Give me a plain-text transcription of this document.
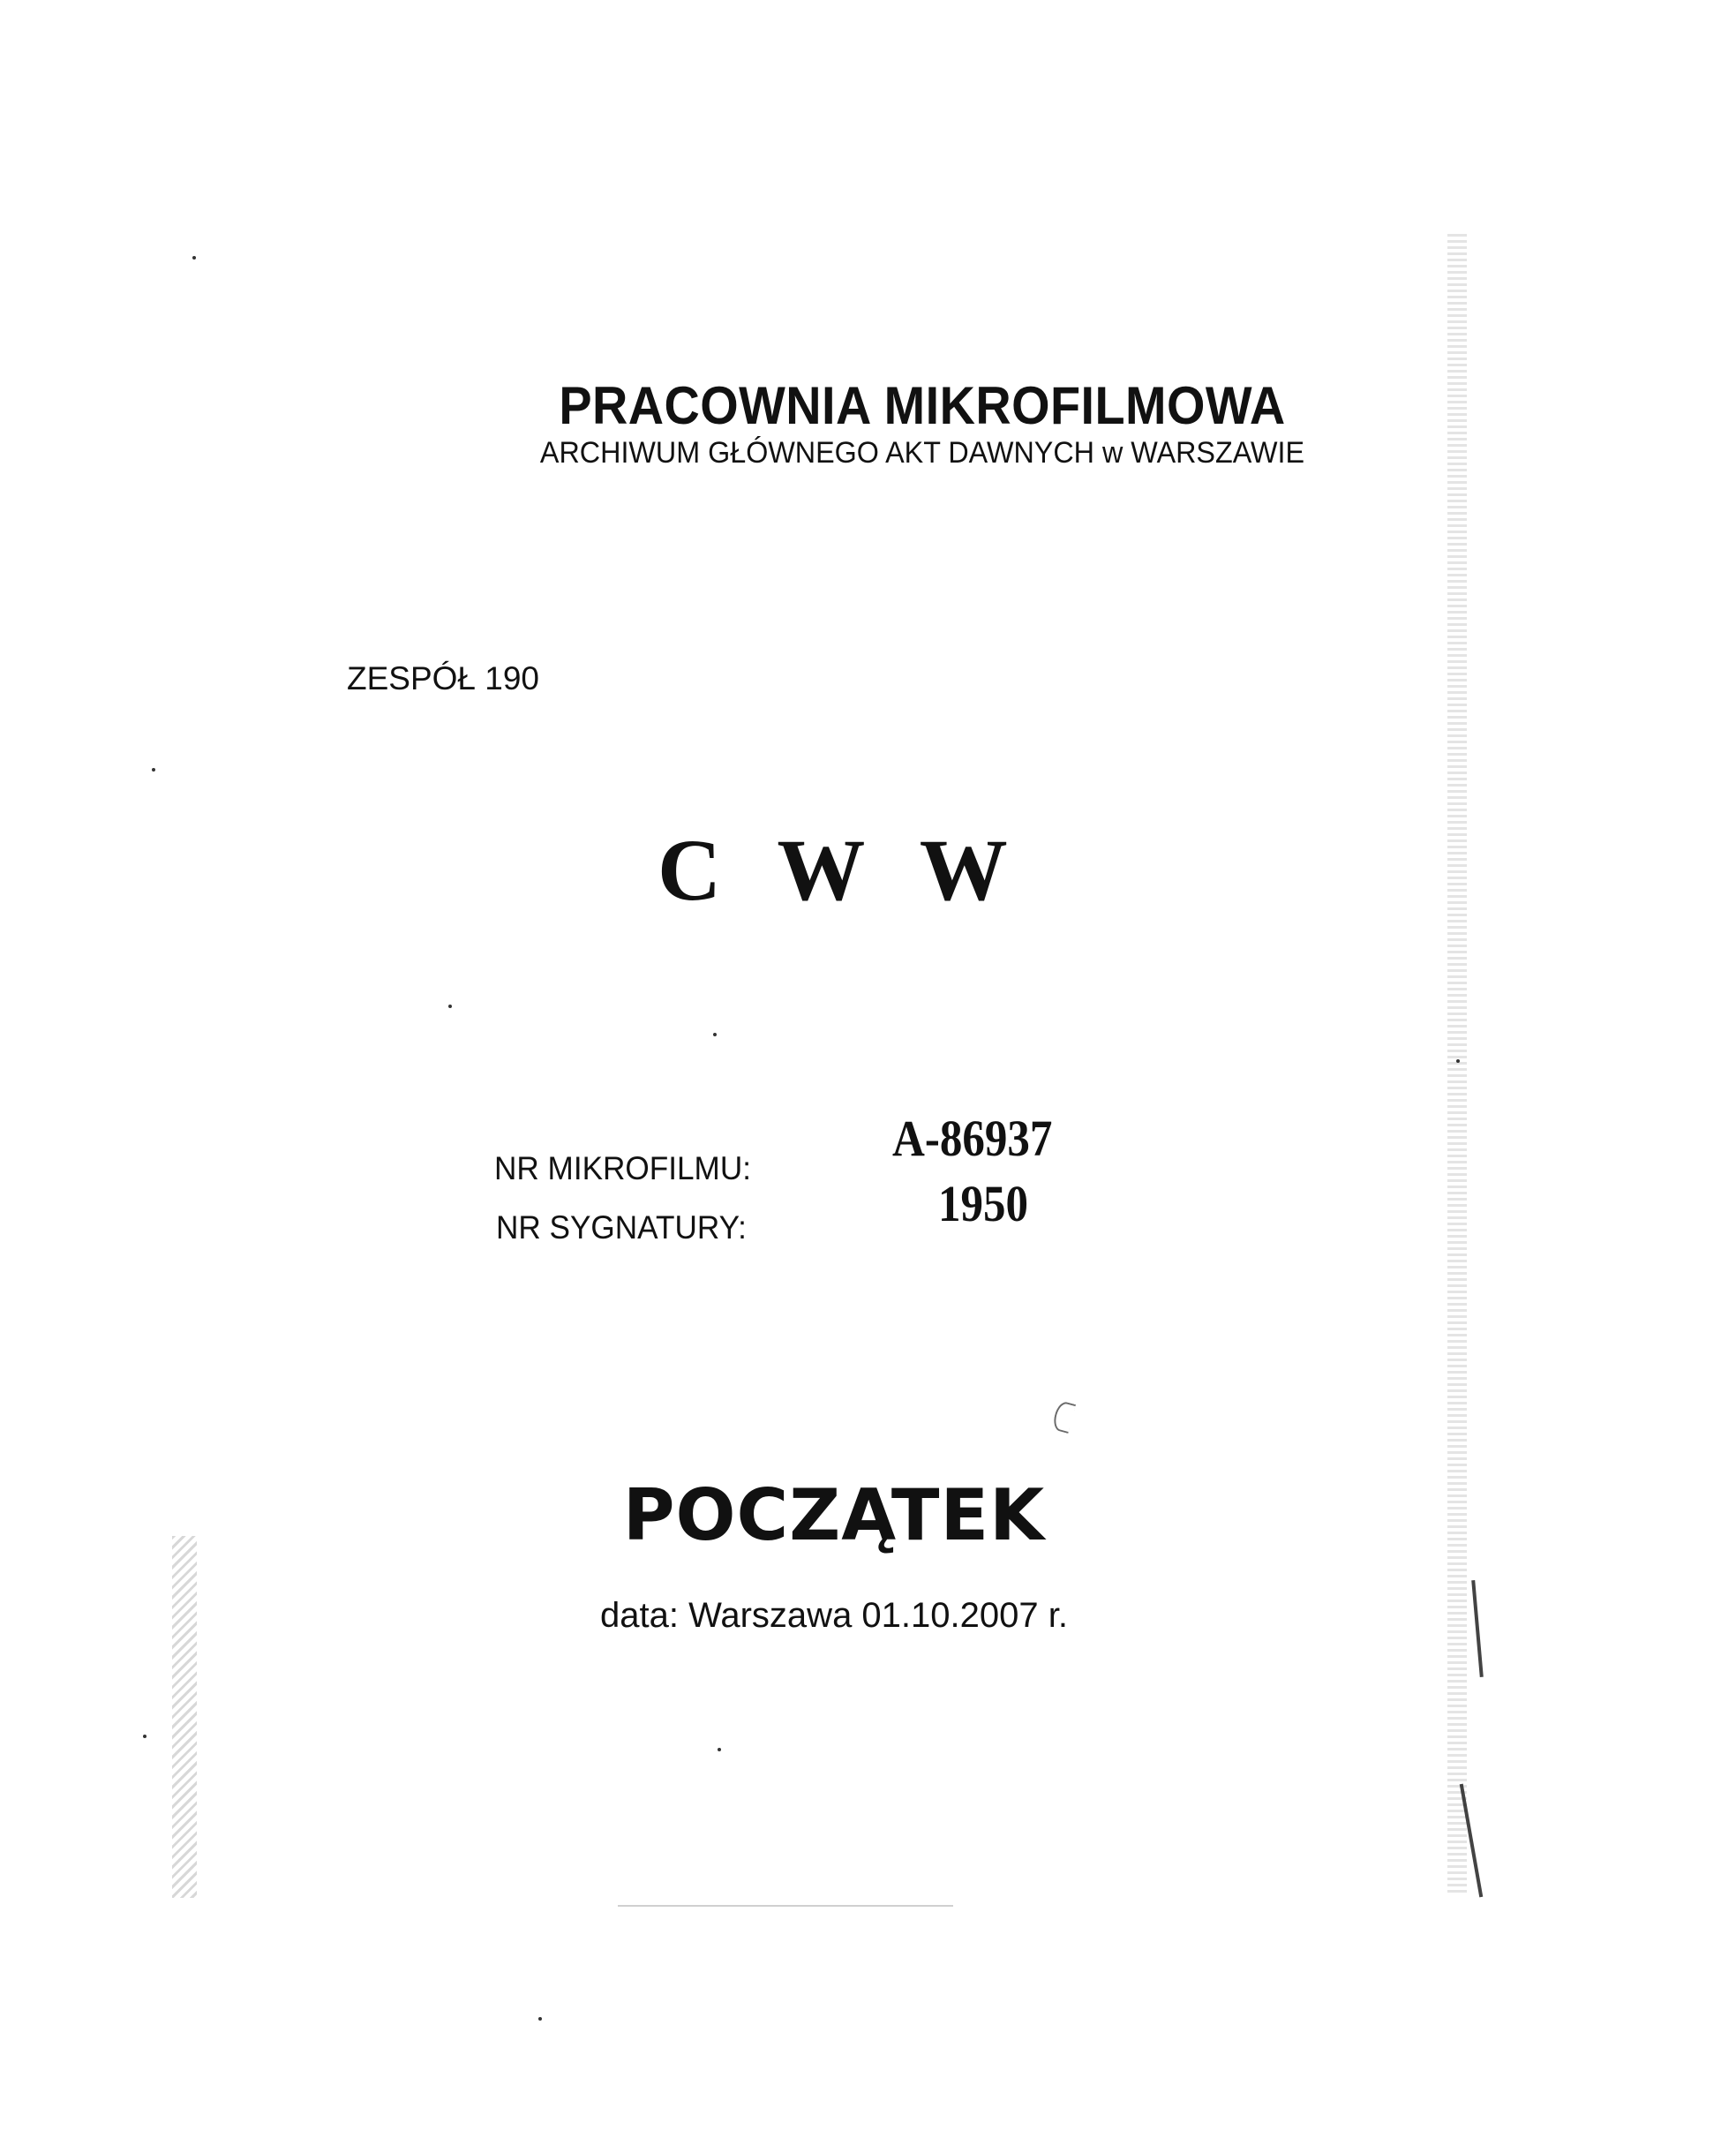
PRACOWNIA MIKROFILMOWA
ARCHIWUM GŁÓWNEGO AKT DAWNYCH w WARSZAWIE
ZESPÓŁ 190
C W W
NR MIKROFILMU:
A-86937
NR SYGNATURY:	1950
POCZĄTEK
data: Warszawa 01.10.2007 r.
